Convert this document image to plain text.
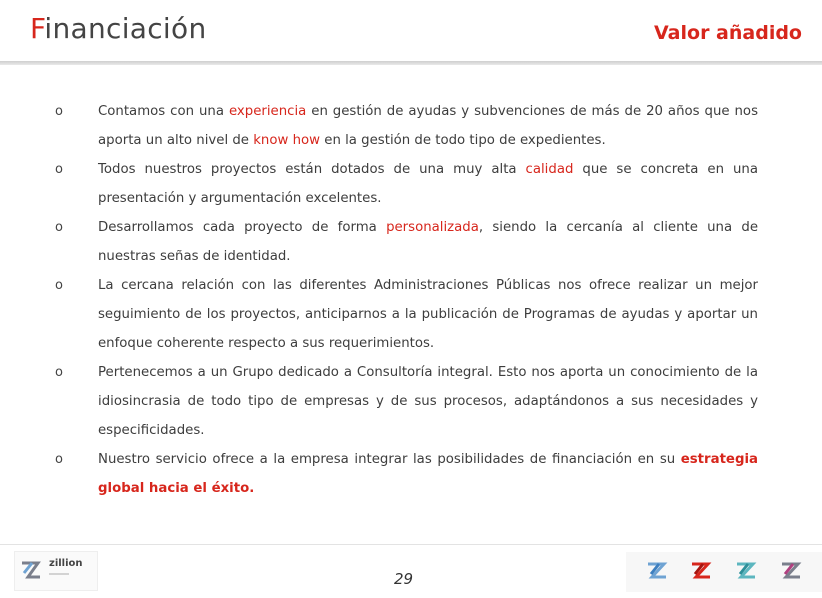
Financiación	Valor añadido
o	Contamos con una experiencia en gestión de ayudas y subvenciones de más de 20 años que nos aporta un alto nivel de know how en la gestión de todo tipo de expedientes.
o	Todos nuestros proyectos están dotados de una muy alta calidad que se concreta en una presentación y argumentación excelentes.
o	Desarrollamos cada proyecto de forma personalizada, siendo la cercanía al cliente una de nuestras señas de identidad.
o	La cercana relación con las diferentes Administraciones Públicas nos ofrece realizar un mejor seguimiento de los proyectos, anticiparnos a la publicación de Programas de ayudas y aportar un enfoque coherente respecto a sus requerimientos.
o	Pertenecemos a un Grupo dedicado a Consultoría integral. Esto nos aporta un conocimiento de la idiosincrasia de todo tipo de empresas y de sus procesos, adaptándonos a sus necesidades y especificidades.
o	Nuestro servicio ofrece a la empresa integrar las posibilidades de financiación en su estrategia global hacia el éxito.
zillion
29
